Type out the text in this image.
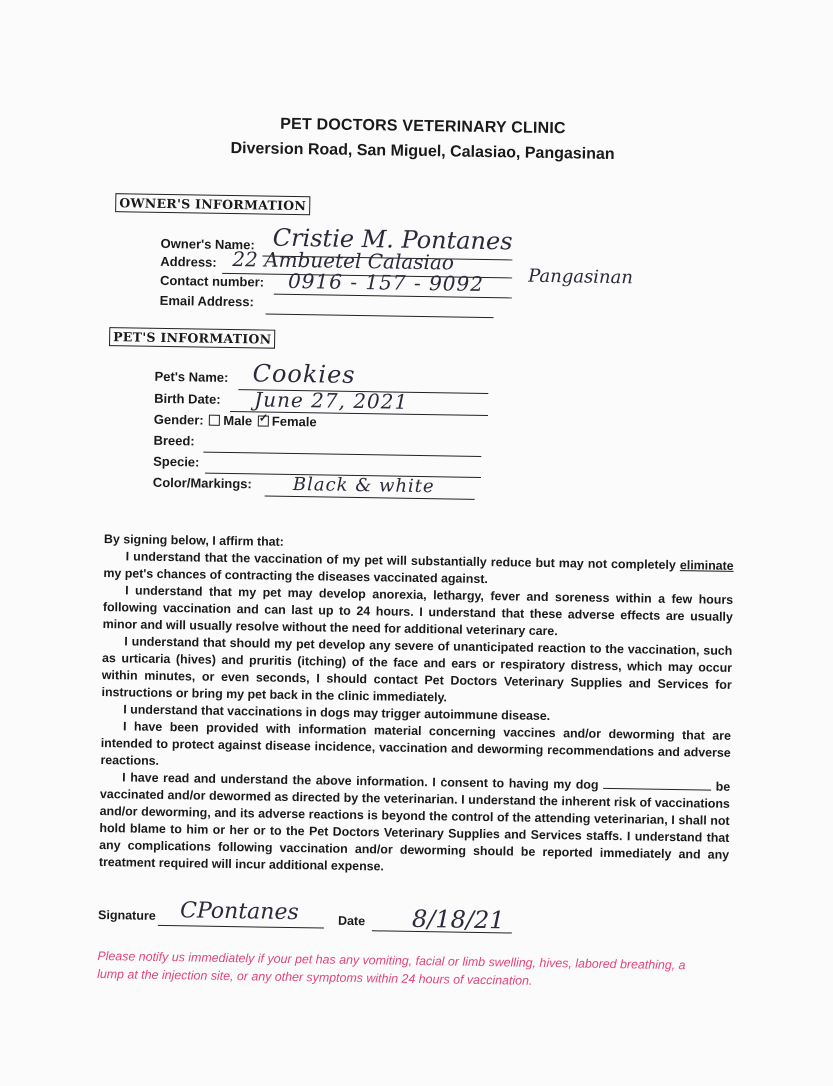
PET DOCTORS VETERINARY CLINIC
Diversion Road, San Miguel, Calasiao, Pangasinan
OWNER'S INFORMATION
Owner's Name: Cristie M. Pontanes
Address: 22 Ambuetel Calasiao
Pangasinan
Contact number: 0916 - 157 - 9092
Email Address:
PET'S INFORMATION
Pet's Name: Cookies
Birth Date: June 27, 2021
Gender: Male ✓ Female
Breed:
Specie:
Color/Markings: Black & white

By signing below, I affirm that:

I understand that the vaccination of my pet will substantially reduce but may not completely eliminate my pet's chances of contracting the diseases vaccinated against.

I understand that my pet may develop anorexia, lethargy, fever and soreness within a few hours following vaccination and can last up to 24 hours. I understand that these adverse effects are usually minor and will usually resolve without the need for additional veterinary care.

I understand that should my pet develop any severe of unanticipated reaction to the vaccination, such as urticaria (hives) and pruritis (itching) of the face and ears or respiratory distress, which may occur within minutes, or even seconds, I should contact Pet Doctors Veterinary Supplies and Services for instructions or bring my pet back in the clinic immediately.

I understand that vaccinations in dogs may trigger autoimmune disease.

I have been provided with information material concerning vaccines and/or deworming that are intended to protect against disease incidence, vaccination and deworming recommendations and adverse reactions.

I have read and understand the above information. I consent to having my dog	be vaccinated and/or dewormed as directed by the veterinarian. I understand the inherent risk of vaccinations and/or deworming, and its adverse reactions is beyond the control of the attending veterinarian, I shall not hold blame to him or her or to the Pet Doctors Veterinary Supplies and Services staffs. I understand that any complications following vaccination and/or deworming should be reported immediately and any treatment required will incur additional expense.

Signature CPontanes	Date 8/18/21
Please notify us immediately if your pet has any vomiting, facial or limb swelling, hives, labored breathing, a lump at the injection site, or any other symptoms within 24 hours of vaccination.
